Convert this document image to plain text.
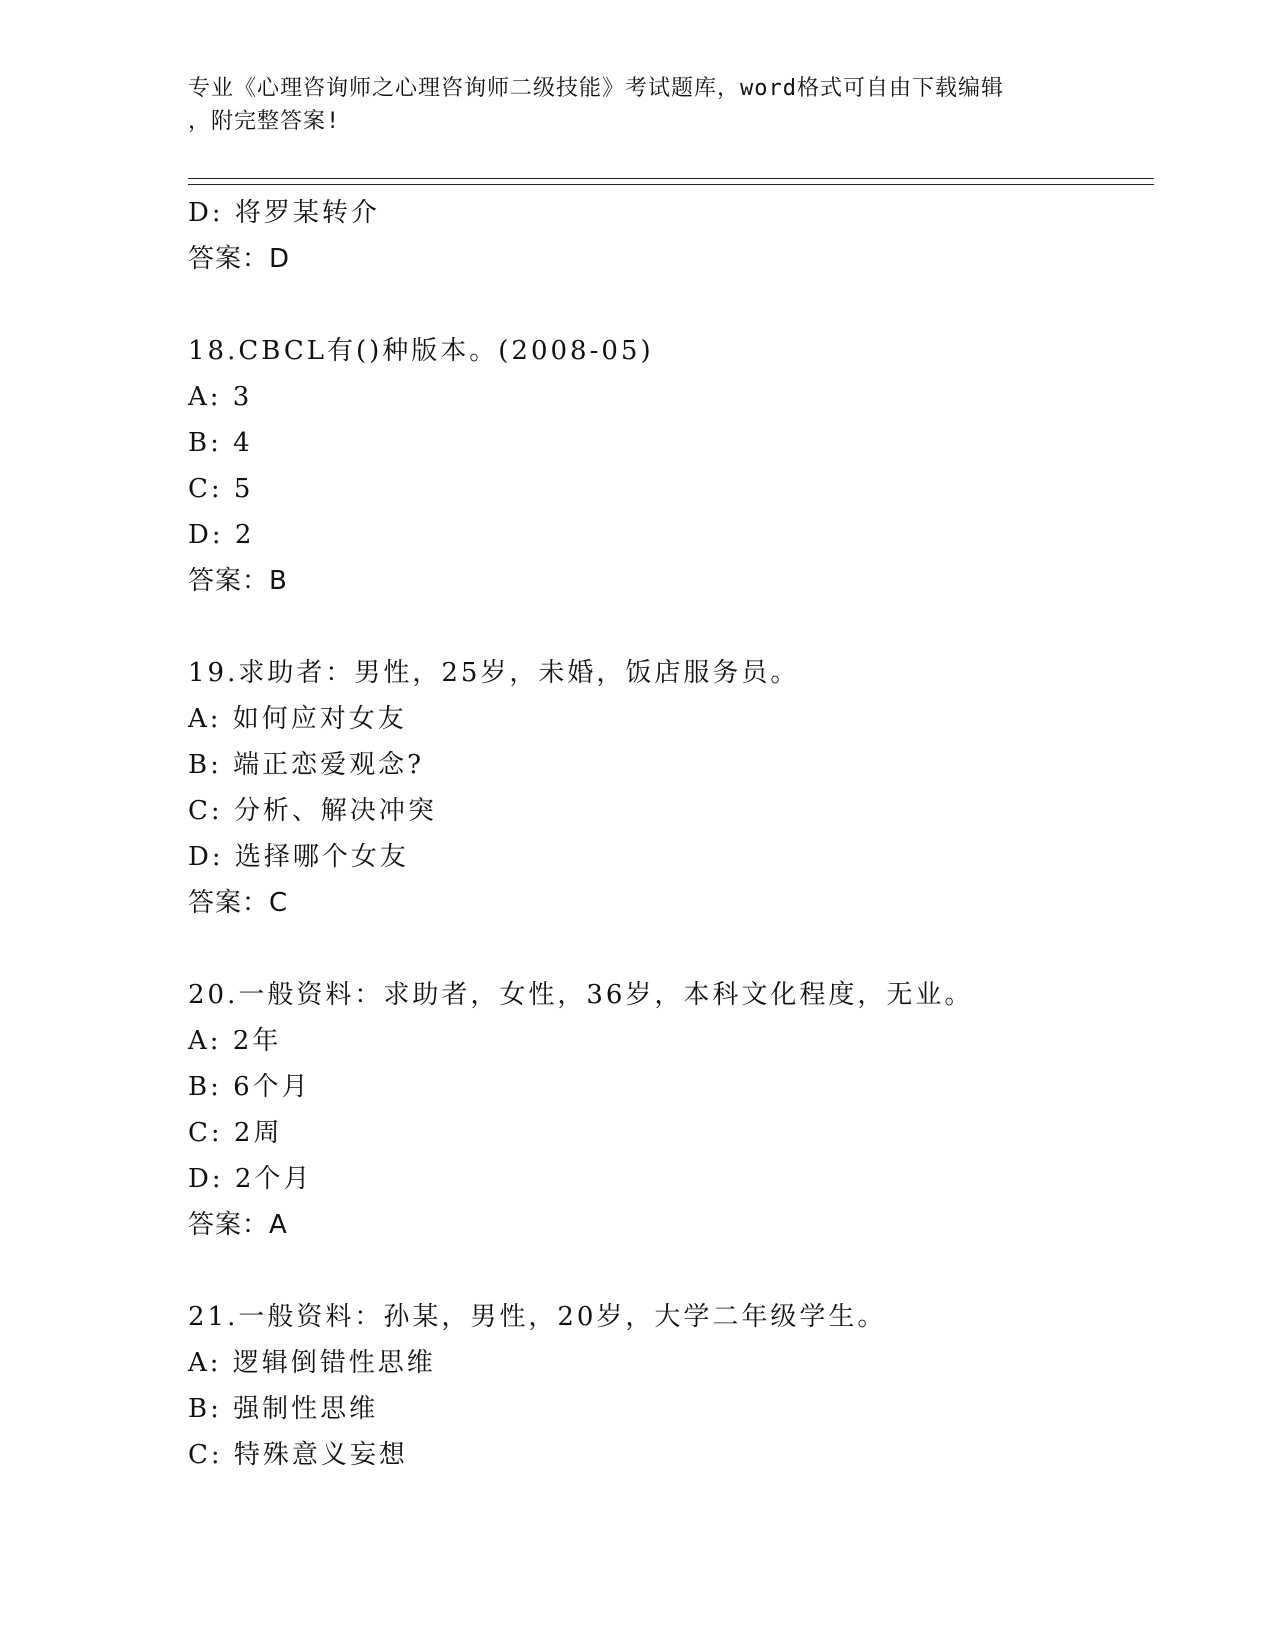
专业《心理咨询师之心理咨询师二级技能》考试题库，word格式可自由下载编辑
，附完整答案!
D: 将罗某转介
答案：D
18.CBCL有()种版本。(2008-05)
A: 3
B: 4
C: 5
D: 2
答案：B
19.求助者：男性，25岁，未婚，饭店服务员。
A: 如何应对女友
B: 端正恋爱观念?
C: 分析、解决冲突
D: 选择哪个女友
答案：C
20.一般资料：求助者，女性，36岁，本科文化程度，无业。
A: 2年
B: 6个月
C: 2周
D: 2个月
答案：A
21.一般资料：孙某，男性，20岁，大学二年级学生。
A: 逻辑倒错性思维
B: 强制性思维
C: 特殊意义妄想
